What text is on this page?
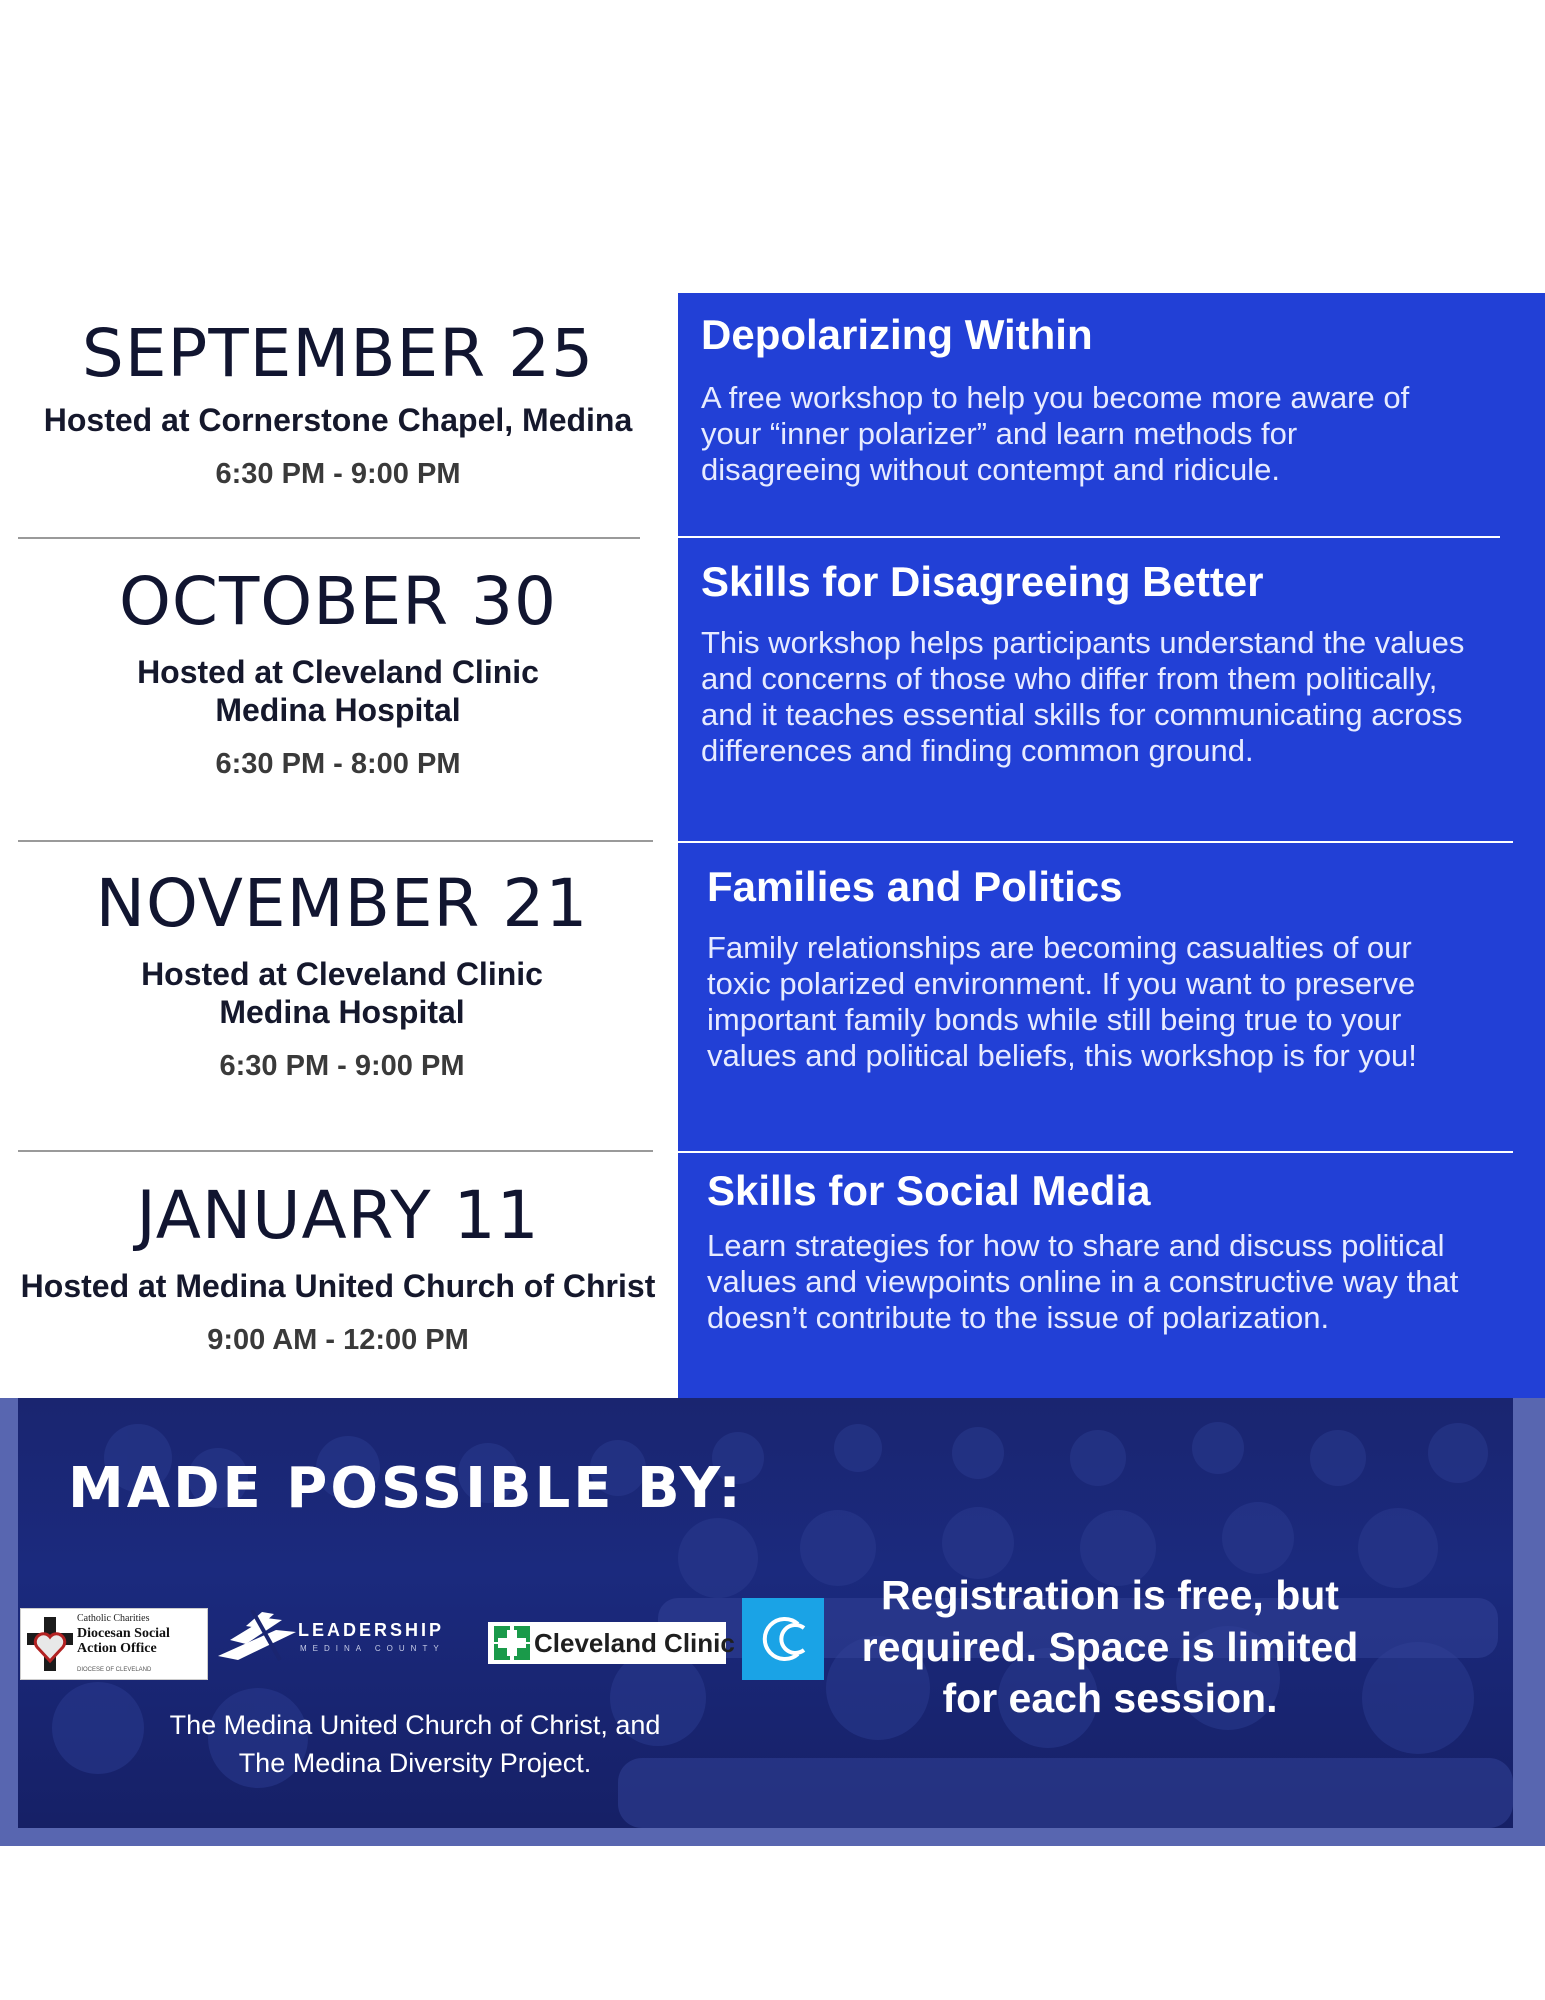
SEPTEMBER 25

Hosted at Cornerstone Chapel, Medina

6:30 PM - 9:00 PM

Depolarizing Within

A free workshop to help you become more aware of your “inner polarizer” and learn methods for disagreeing without contempt and ridicule.

OCTOBER 30

Hosted at Cleveland Clinic
Medina Hospital

6:30 PM - 8:00 PM

Skills for Disagreeing Better

This workshop helps participants understand the values and concerns of those who differ from them politically, and it teaches essential skills for communicating across differences and finding common ground.

NOVEMBER 21

Hosted at Cleveland Clinic
Medina Hospital

6:30 PM - 9:00 PM

Families and Politics

Family relationships are becoming casualties of our toxic polarized environment. If you want to preserve important family bonds while still being true to your values and political beliefs, this workshop is for you!

JANUARY 11

Hosted at Medina United Church of Christ

9:00 AM - 12:00 PM

Skills for Social Media

Learn strategies for how to share and discuss political values and viewpoints online in a constructive way that doesn’t contribute to the issue of polarization.

MADE POSSIBLE BY:

Catholic Charities
Diocesan Social Action Office
DIOCESE OF CLEVELAND
LEADERSHIP
MEDINA COUNTY	Cleveland Clinic

The Medina United Church of Christ, and

The Medina Diversity Project.

Registration is free, but required. Space is limited for each session.
